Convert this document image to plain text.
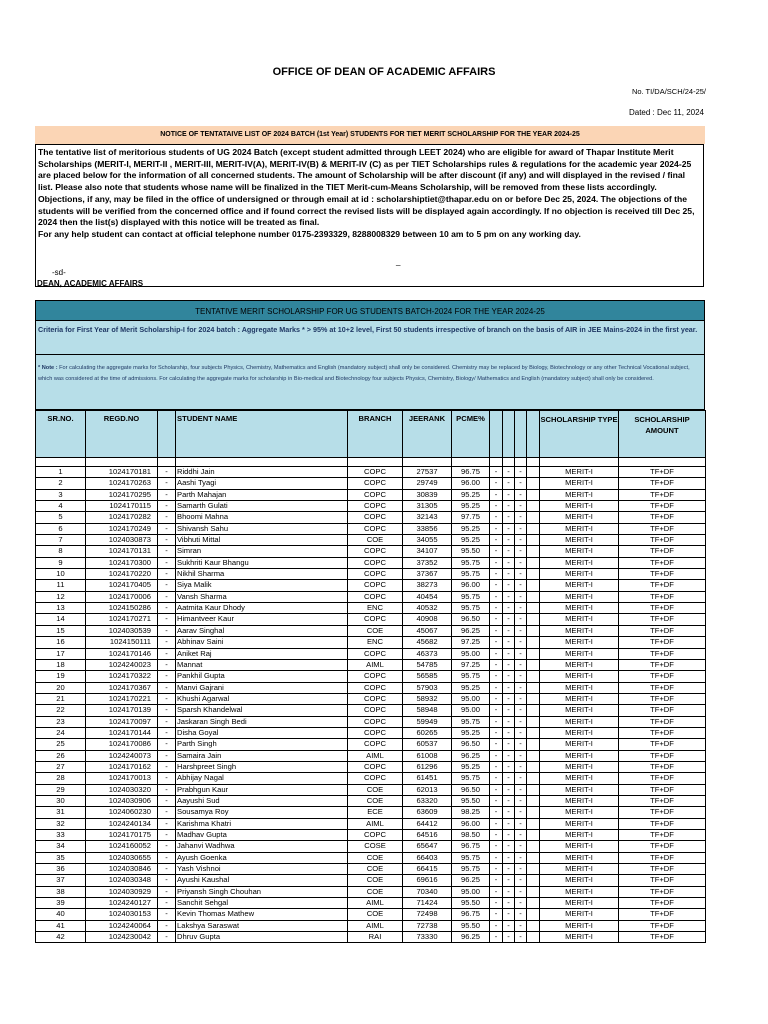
OFFICE OF DEAN OF ACADEMIC AFFAIRS
No. TI/DA/SCH/24-25/
Dated : Dec 11, 2024
NOTICE OF TENTATAIVE LIST OF 2024 BATCH (1st Year) STUDENTS FOR TIET MERIT SCHOLARSHIP FOR THE YEAR 2024-25

The tentative list of meritorious students of UG 2024 Batch (except student admitted through LEET 2024) who are eligible for award of Thapar Institute Merit Scholarships (MERIT-I, MERIT-II , MERIT-III, MERIT-IV(A), MERIT-IV(B) & MERIT-IV (C) as per TIET Scholarships rules & regulations for the academic year 2024-25 are placed below for the information of all concerned students. The amount of Scholarship will be after discount (if any) and will displayed in the revised / final list. Please also note that students whose name will be finalized in the TIET Merit-cum-Means Scholarship, will be removed from these lists accordingly. Objections, if any, may be filed in the office of undersigned or through email at id : scholarshiptiet@thapar.edu on or before Dec 25, 2024. The objections of the students will be verified from the concerned office and if found correct the revised lists will be displayed again accordingly. If no objection is received till Dec 25, 2024 then the list(s) displayed with this notice will be treated as final.

For any help student can contact at official telephone number 0175-2393329, 8288008329 between 10 am to 5 pm on any working day.

_
-sd-
DEAN, ACADEMIC AFFAIRS
TENTATIVE MERIT SCHOLARSHIP FOR UG STUDENTS BATCH-2024 FOR THE YEAR 2024-25
Criteria for First Year of Merit Scholarship-I for 2024 batch : Aggregate Marks * > 95% at 10+2 level, First 50 students irrespective of branch on the basis of AIR in JEE Mains-2024 in the first year.
* Note : For calculating the aggregate marks for Scholarship, four subjects Physics, Chemistry, Mathematics and English (mandatory subject) shall only be considered. Chemistry may be replaced by Biology, Biotechnology or any other Technical Vocational subject, which was considered at the time of admissions. For calculating the aggregate marks for scholarship in Bio-medical and Biotechnology four subjects Physics, Chemistry, Biology/ Mathematics and English (mandatory subject) shall only be considered.
SR.NO.	REGD.NO		STUDENT NAME	BRANCH	JEERANK	PCME%					SCHOLARSHIP TYPE	SCHOLARSHIP AMOUNT

1	1024170181	-	Riddhi Jain	COPC	27537	96.75	-	-	-		MERIT-I	TF+DF
2	1024170263	-	Aashi Tyagi	COPC	29749	96.00	-	-	-		MERIT-I	TF+DF
3	1024170295	-	Parth Mahajan	COPC	30839	95.25	-	-	-		MERIT-I	TF+DF
4	1024170115	-	Samarth Gulati	COPC	31305	95.25	-	-	-		MERIT-I	TF+DF
5	1024170282	-	Bhoomi Mahna	COPC	32143	97.75	-	-	-		MERIT-I	TF+DF
6	1024170249	-	Shivansh Sahu	COPC	33856	95.25	-	-	-		MERIT-I	TF+DF
7	1024030873	-	Vibhuti Mittal	COE	34055	95.25	-	-	-		MERIT-I	TF+DF
8	1024170131	-	Simran	COPC	34107	95.50	-	-	-		MERIT-I	TF+DF
9	1024170300	-	Sukhriti Kaur Bhangu	COPC	37352	95.75	-	-	-		MERIT-I	TF+DF
10	1024170220	-	Nikhil Sharma	COPC	37367	95.75	-	-	-		MERIT-I	TF+DF
11	1024170405	-	Siya Malik	COPC	38273	96.00	-	-	-		MERIT-I	TF+DF
12	1024170006	-	Vansh Sharma	COPC	40454	95.75	-	-	-		MERIT-I	TF+DF
13	1024150286	-	Aatmita Kaur Dhody	ENC	40532	95.75	-	-	-		MERIT-I	TF+DF
14	1024170271	-	Himantveer Kaur	COPC	40908	96.50	-	-	-		MERIT-I	TF+DF
15	1024030539	-	Aarav Singhal	COE	45067	96.25	-	-	-		MERIT-I	TF+DF
16	1024150111	-	Abhinav Saini	ENC	45682	97.25	-	-	-		MERIT-I	TF+DF
17	1024170146	-	Aniket Raj	COPC	46373	95.00	-	-	-		MERIT-I	TF+DF
18	1024240023	-	Mannat	AIML	54785	97.25	-	-	-		MERIT-I	TF+DF
19	1024170322	-	Pankhil Gupta	COPC	56585	95.75	-	-	-		MERIT-I	TF+DF
20	1024170367	-	Manvi Gajrani	COPC	57903	95.25	-	-	-		MERIT-I	TF+DF
21	1024170221	-	Khushi Agarwal	COPC	58932	95.00	-	-	-		MERIT-I	TF+DF
22	1024170139	-	Sparsh Khandelwal	COPC	58948	95.00	-	-	-		MERIT-I	TF+DF
23	1024170097	-	Jaskaran Singh Bedi	COPC	59949	95.75	-	-	-		MERIT-I	TF+DF
24	1024170144	-	Disha Goyal	COPC	60265	95.25	-	-	-		MERIT-I	TF+DF
25	1024170086	-	Parth Singh	COPC	60537	96.50	-	-	-		MERIT-I	TF+DF
26	1024240073	-	Samaira Jain	AIML	61008	96.25	-	-	-		MERIT-I	TF+DF
27	1024170162	-	Harshpreet Singh	COPC	61296	95.25	-	-	-		MERIT-I	TF+DF
28	1024170013	-	Abhijay Nagal	COPC	61451	95.75	-	-	-		MERIT-I	TF+DF
29	1024030320	-	Prabhgun Kaur	COE	62013	96.50	-	-	-		MERIT-I	TF+DF
30	1024030906	-	Aayushi Sud	COE	63320	95.50	-	-	-		MERIT-I	TF+DF
31	1024060230	-	Sousamya Roy	ECE	63609	98.25	-	-	-		MERIT-I	TF+DF
32	1024240134	-	Karishma Khatri	AIML	64412	96.00	-	-	-		MERIT-I	TF+DF
33	1024170175	-	Madhav Gupta	COPC	64516	98.50	-	-	-		MERIT-I	TF+DF
34	1024160052	-	Jahanvi Wadhwa	COSE	65647	96.75	-	-	-		MERIT-I	TF+DF
35	1024030655	-	Ayush Goenka	COE	66403	95.75	-	-	-		MERIT-I	TF+DF
36	1024030846	-	Yash Vishnoi	COE	66415	95.75	-	-	-		MERIT-I	TF+DF
37	1024030348	-	Ayushi Kaushal	COE	69616	96.25	-	-	-		MERIT-I	TF+DF
38	1024030929	-	Priyansh Singh Chouhan	COE	70340	95.00	-	-	-		MERIT-I	TF+DF
39	1024240127	-	Sanchit Sehgal	AIML	71424	95.50	-	-	-		MERIT-I	TF+DF
40	1024030153	-	Kevin Thomas Mathew	COE	72498	96.75	-	-	-		MERIT-I	TF+DF
41	1024240064	-	Lakshya Saraswat	AIML	72738	95.50	-	-	-		MERIT-I	TF+DF
42	1024230042	-	Dhruv Gupta	RAI	73330	96.25	-	-	-		MERIT-I	TF+DF
